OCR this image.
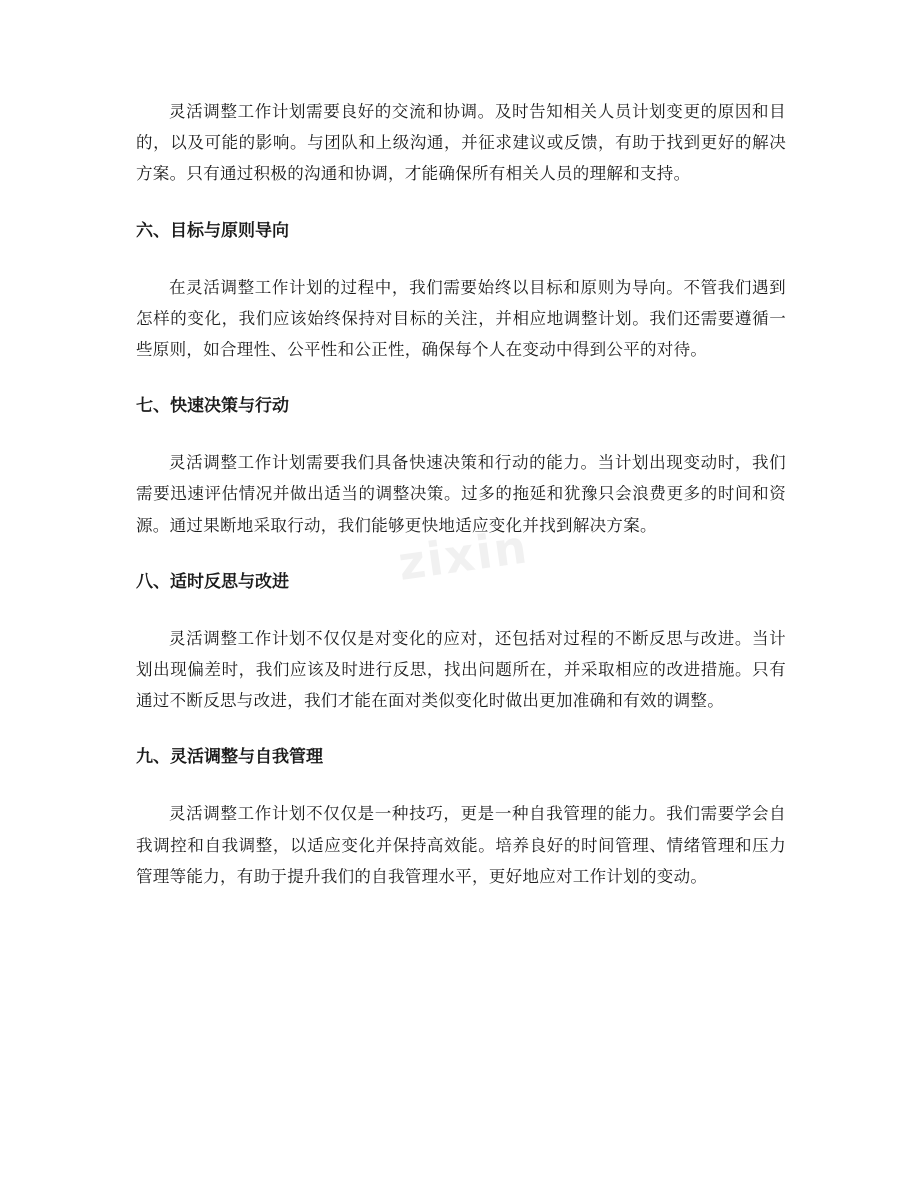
zixin

灵活调整工作计划需要良好的交流和协调。及时告知相关人员计划变更的原因和目的，以及可能的影响。与团队和上级沟通，并征求建议或反馈，有助于找到更好的解决方案。只有通过积极的沟通和协调，才能确保所有相关人员的理解和支持。

六、目标与原则导向

在灵活调整工作计划的过程中，我们需要始终以目标和原则为导向。不管我们遇到怎样的变化，我们应该始终保持对目标的关注，并相应地调整计划。我们还需要遵循一些原则，如合理性、公平性和公正性，确保每个人在变动中得到公平的对待。

七、快速决策与行动

灵活调整工作计划需要我们具备快速决策和行动的能力。当计划出现变动时，我们需要迅速评估情况并做出适当的调整决策。过多的拖延和犹豫只会浪费更多的时间和资源。通过果断地采取行动，我们能够更快地适应变化并找到解决方案。

八、适时反思与改进

灵活调整工作计划不仅仅是对变化的应对，还包括对过程的不断反思与改进。当计划出现偏差时，我们应该及时进行反思，找出问题所在，并采取相应的改进措施。只有通过不断反思与改进，我们才能在面对类似变化时做出更加准确和有效的调整。

九、灵活调整与自我管理

灵活调整工作计划不仅仅是一种技巧，更是一种自我管理的能力。我们需要学会自我调控和自我调整，以适应变化并保持高效能。培养良好的时间管理、情绪管理和压力管理等能力，有助于提升我们的自我管理水平，更好地应对工作计划的变动。
